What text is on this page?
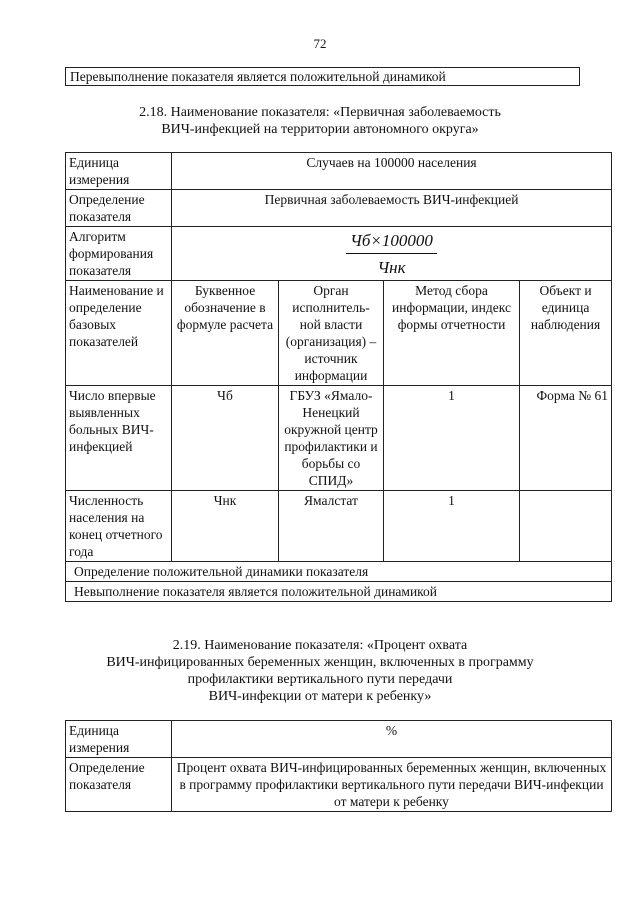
72
Перевыполнение показателя является положительной динамикой
2.18. Наименование показателя: «Первичная заболеваемость
ВИЧ-инфекцией на территории автономного округа»
Единица измерения	Случаев на 100000 населения			
Определение показателя	Первичная заболеваемость ВИЧ-инфекцией			
Алгоритм формирования показателя	$\frac{Чб\times 100000}{\text{Чнк}}$

Наименование и определение базовых показателей	Буквенное обозначение в формуле расчета	Орган исполнитель-ной власти (организация) – источник информации	Метод сбора информации, индекс формы отчетности	Объект и единица наблюдения
Число впервые выявленных больных ВИЧ-инфекцией	Чб	ГБУЗ «Ямало-Ненецкий окружной центр профилактики и борьбы со СПИД»	1	Форма № 61
Численность населения на конец отчетного года	Чнк	Ямалстат	1	
Определение положительной динамики показателя				
Невыполнение показателя является положительной динамикой				
2.19. Наименование показателя: «Процент охвата
ВИЧ-инфицированных беременных женщин, включенных в программу
профилактики вертикального пути передачи
ВИЧ-инфекции от матери к ребенку»
Единица измерения	%
Определение показателя	Процент охвата ВИЧ-инфицированных беременных женщин, включенных в программу профилактики вертикального пути передачи ВИЧ-инфекции от матери к ребенку
